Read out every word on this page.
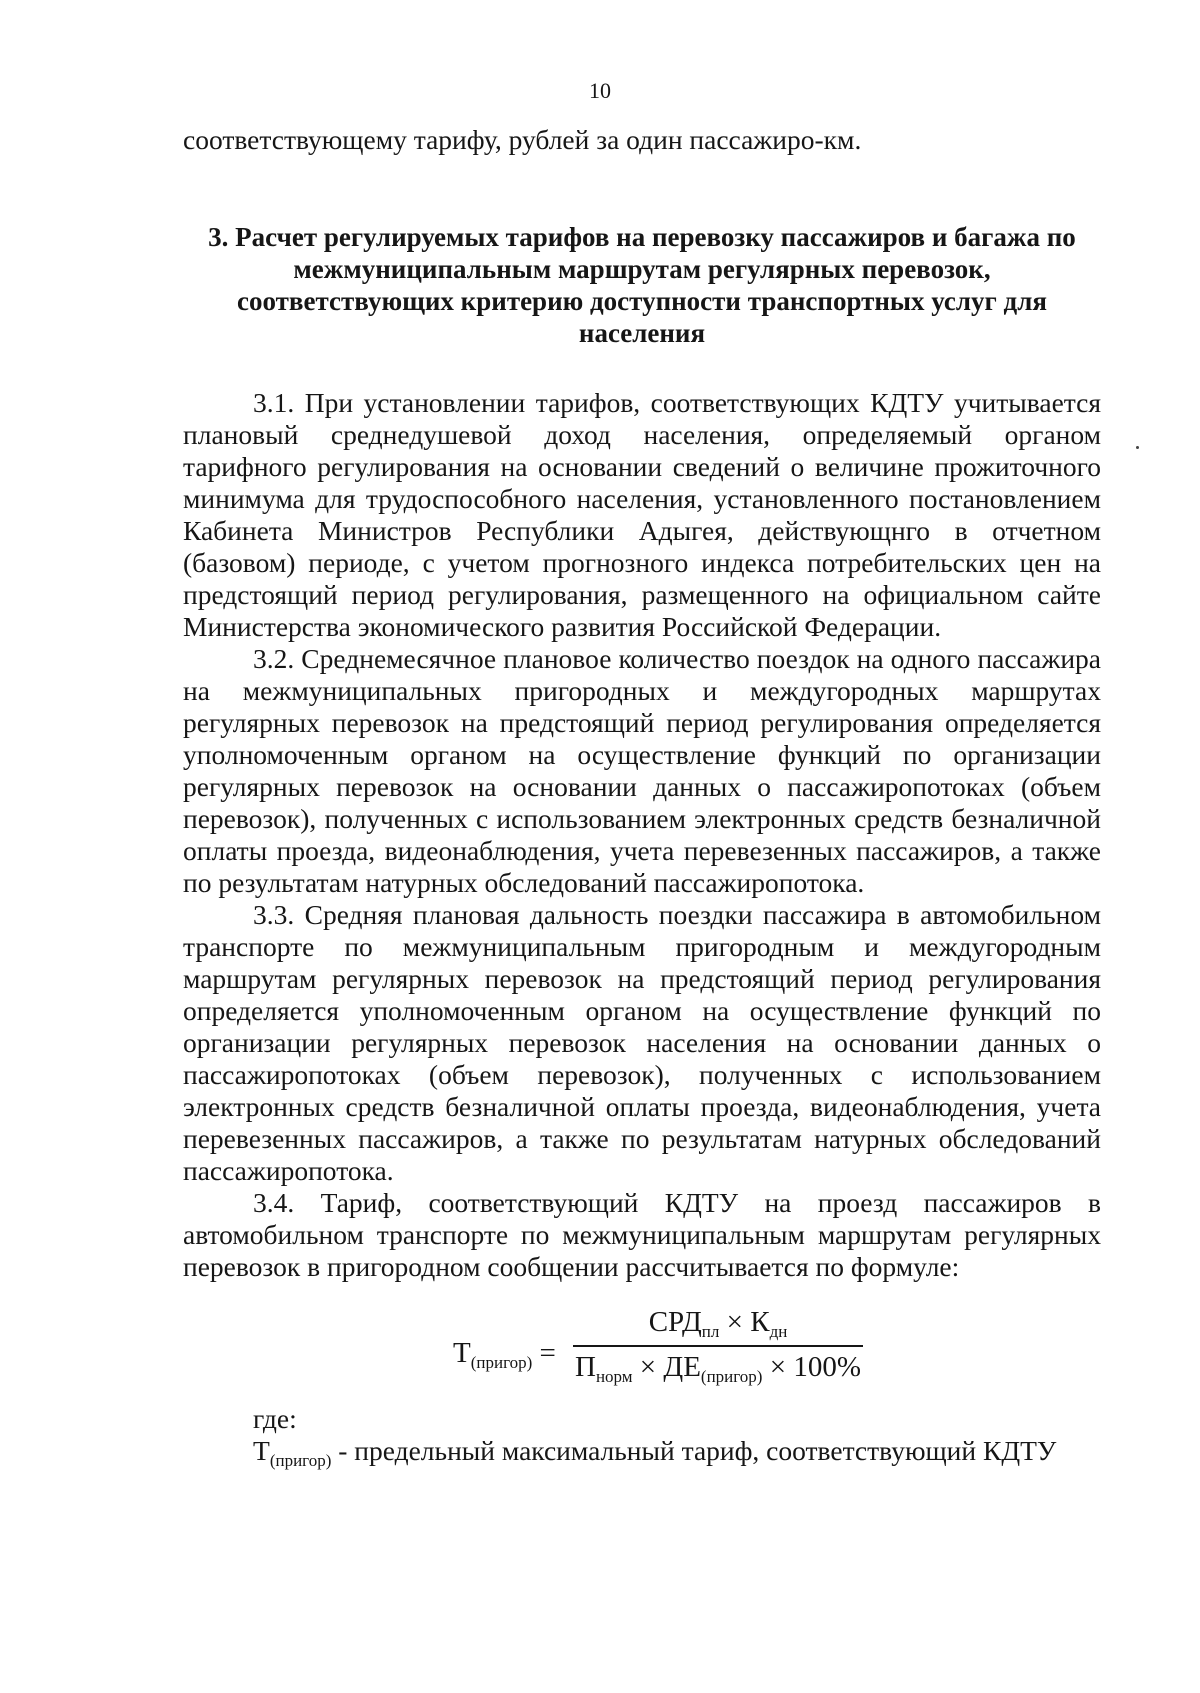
10

соответствующему тарифу, рублей за один пассажиро-км.

3. Расчет регулируемых тарифов на перевозку пассажиров и багажа по межмуниципальным маршрутам регулярных перевозок, соответствующих критерию доступности транспортных услуг для населения

3.1. При установлении тарифов, соответствующих КДТУ учитывается плановый среднедушевой доход населения, определяемый органом тарифного регулирования на основании сведений о величине прожиточного минимума для трудоспособного населения, установленного постановлением Кабинета Министров Республики Адыгея, действующнго в отчетном (базовом) периоде, с учетом прогнозного индекса потребительских цен на предстоящий период регулирования, размещенного на официальном сайте Министерства экономического развития Российской Федерации.

3.2. Среднемесячное плановое количество поездок на одного пассажира на межмуниципальных пригородных и междугородных маршрутах регулярных перевозок на предстоящий период регулирования определяется уполномоченным органом на осуществление функций по организации регулярных перевозок на основании данных о пассажиропотоках (объем перевозок), полученных с использованием электронных средств безналичной оплаты проезда, видеонаблюдения, учета перевезенных пассажиров, а также по результатам натурных обследований пассажиропотока.

3.3. Средняя плановая дальность поездки пассажира в автомобильном транспорте по межмуниципальным пригородным и междугородным маршрутам регулярных перевозок на предстоящий период регулирования определяется уполномоченным органом на осуществление функций по организации регулярных перевозок населения на основании данных о пассажиропотоках (объем перевозок), полученных с использованием электронных средств безналичной оплаты проезда, видеонаблюдения, учета перевезенных пассажиров, а также по результатам натурных обследований пассажиропотока.

3.4. Тариф, соответствующий КДТУ на проезд пассажиров в автомобильном транспорте по межмуниципальным маршрутам регулярных перевозок в пригородном сообщении рассчитывается по формуле:

$Т_{(пригор)}$ =
$СРД_{пл} \times К_{дн}$
$П_{норм} \times ДЕ_{(пригор)} \times 100\%$

где:

$Т_{(пригор)}$ - предельный максимальный тариф, соответствующий КДТУ
